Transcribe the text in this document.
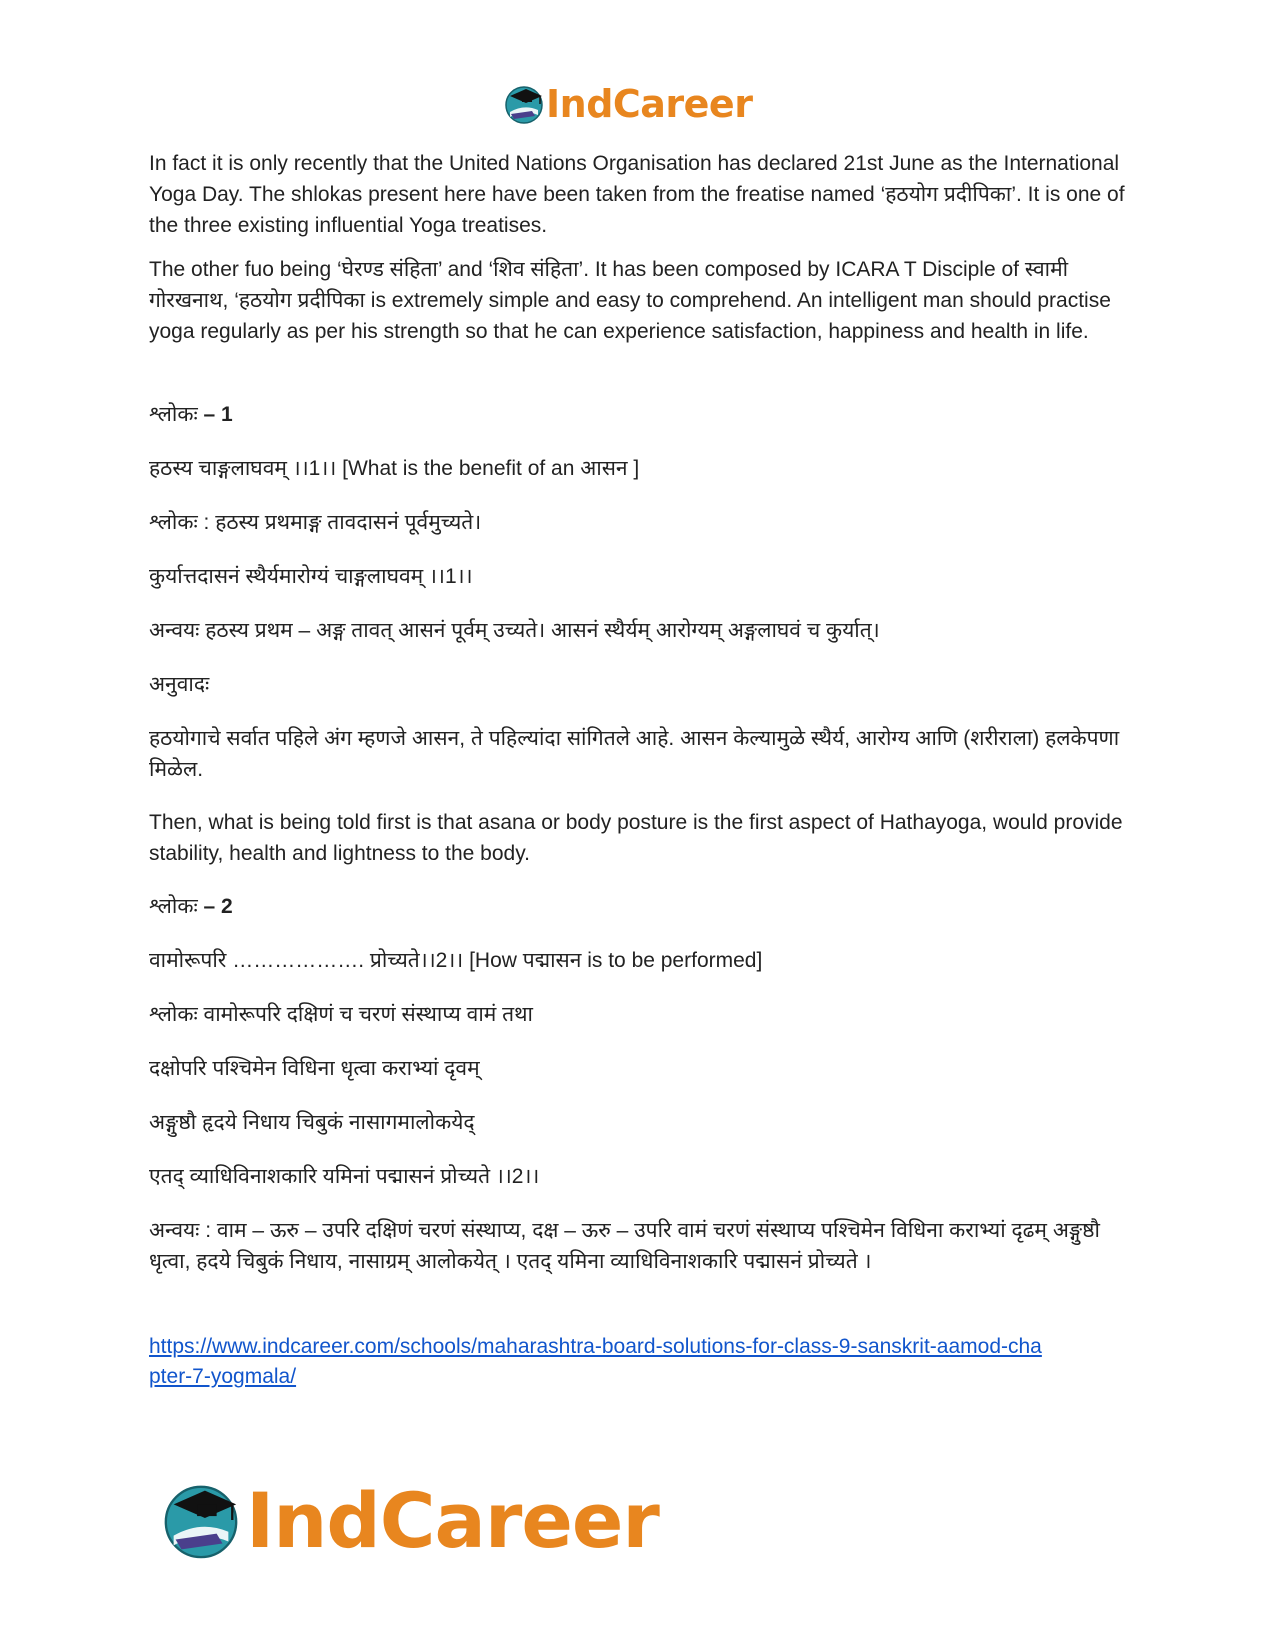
IndCareer

In fact it is only recently that the United Nations Organisation has declared 21st June as the International Yoga Day. The shlokas present here have been taken from the freatise named ‘हठयोग प्रदीपिका’. It is one of the three existing influential Yoga treatises.

The other fuo being ‘घेरण्ड संहिता’ and ‘शिव संहिता’. It has been composed by ICARA T Disciple of स्वामी गोरखनाथ, ‘हठयोग प्रदीपिका is extremely simple and easy to comprehend. An intelligent man should practise yoga regularly as per his strength so that he can experience satisfaction, happiness and health in life.

श्लोकः – 1

हठस्य चाङ्गलाघवम् ।।1।। [What is the benefit of an आसन ]

श्लोकः : हठस्य प्रथमाङ्ग तावदासनं पूर्वमुच्यते।

कुर्यात्तदासनं स्थैर्यमारोग्यं चाङ्गलाघवम् ।।1।।

अन्वयः हठस्य प्रथम – अङ्ग तावत् आसनं पूर्वम् उच्यते। आसनं स्थैर्यम् आरोग्यम् अङ्गलाघवं च कुर्यात्।

अनुवादः

हठयोगाचे सर्वात पहिले अंग म्हणजे आसन, ते पहिल्यांदा सांगितले आहे. आसन केल्यामुळे स्थैर्य, आरोग्य आणि (शरीराला) हलकेपणा मिळेल.

Then, what is being told first is that asana or body posture is the first aspect of Hathayoga, would provide stability, health and lightness to the body.

श्लोकः – 2

वामोरूपरि ………………. प्रोच्यते।।2।। [How पद्मासन is to be performed]

श्लोकः वामोरूपरि दक्षिणं च चरणं संस्थाप्य वामं तथा

दक्षोपरि पश्चिमेन विधिना धृत्वा कराभ्यां दृवम्

अङ्गुष्ठौ हृदये निधाय चिबुकं नासागमालोकयेद्

एतद् व्याधिविनाशकारि यमिनां पद्मासनं प्रोच्यते ।।2।।

अन्वयः : वाम – ऊरु – उपरि दक्षिणं चरणं संस्थाप्य, दक्ष – ऊरु – उपरि वामं चरणं संस्थाप्य पश्चिमेन विधिना कराभ्यां दृढम् अङ्गुष्ठौ धृत्वा, हदये चिबुकं निधाय, नासाग्रम् आलोकयेत् । एतद् यमिना व्याधिविनाशकारि पद्मासनं प्रोच्यते ।

https://www.indcareer.com/schools/maharashtra-board-solutions-for-class-9-sanskrit-aamod-cha

pter-7-yogmala/

IndCareer
